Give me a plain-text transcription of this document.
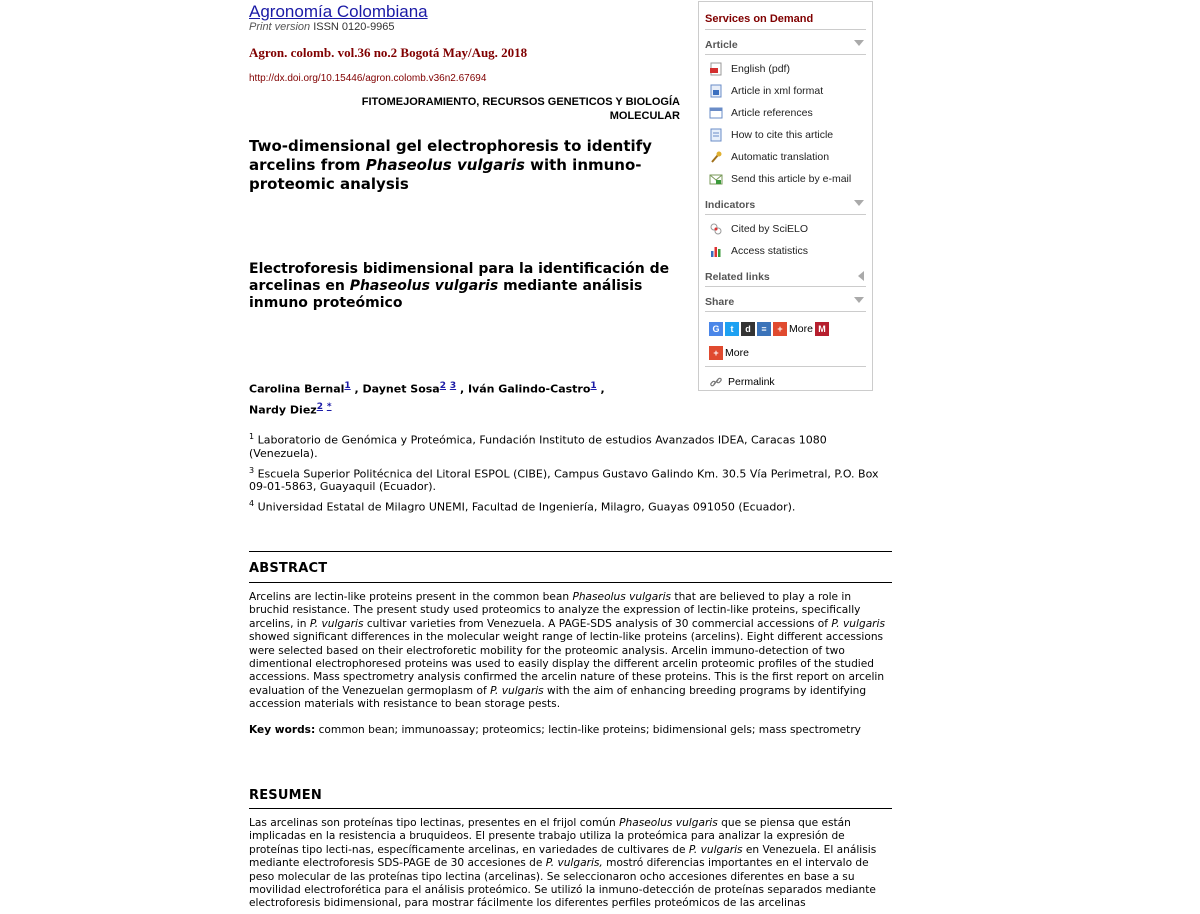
Agronomía Colombiana
Print version ISSN 0120-9965
Agron. colomb. vol.36 no.2 Bogotá May/Aug. 2018
http://dx.doi.org/10.15446/agron.colomb.v36n2.67694
FITOMEJORAMIENTO, RECURSOS GENETICOS Y BIOLOGÍA
MOLECULAR
Two-dimensional gel electrophoresis to identify arcelins from Phaseolus vulgaris with inmuno-proteomic analysis
Electroforesis bidimensional para la identificación de arcelinas en Phaseolus vulgaris mediante análisis inmuno proteómico
Carolina Bernal$^1$ , Daynet Sosa$^2$ $^3$ , Iván Galindo-Castro$^1$ ,
Nardy Diez$^2$ *
$^1$ Laboratorio de Genómica y Proteómica, Fundación Instituto de estudios Avanzados IDEA, Caracas 1080 (Venezuela).
$^3$ Escuela Superior Politécnica del Litoral ESPOL (CIBE), Campus Gustavo Galindo Km. 30.5 Vía Perimetral, P.O. Box 09-01-5863, Guayaquil (Ecuador).
$^4$ Universidad Estatal de Milagro UNEMI, Facultad de Ingeniería, Milagro, Guayas 091050 (Ecuador).
ABSTRACT
Arcelins are lectin-like proteins present in the common bean Phaseolus vulgaris that are believed to play a role in bruchid resistance. The present study used proteomics to analyze the expression of lectin-like proteins, specifically arcelins, in P. vulgaris cultivar varieties from Venezuela. A PAGE-SDS analysis of 30 commercial accessions of P. vulgaris showed significant differences in the molecular weight range of lectin-like proteins (arcelins). Eight different accessions were selected based on their electroforetic mobility for the proteomic analysis. Arcelin immuno-detection of two dimentional electrophoresed proteins was used to easily display the different arcelin proteomic profiles of the studied accessions. Mass spectrometry analysis confirmed the arcelin nature of these proteins. This is the first report on arcelin evaluation of the Venezuelan germoplasm of P. vulgaris with the aim of enhancing breeding programs by identifying accession materials with resistance to bean storage pests.
Key words: common bean; immunoassay; proteomics; lectin-like proteins; bidimensional gels; mass spectrometry
RESUMEN
Las arcelinas son proteínas tipo lectinas, presentes en el frijol común Phaseolus vulgaris que se piensa que están implicadas en la resistencia a bruquideos. El presente trabajo utiliza la proteómica para analizar la expresión de proteínas tipo lecti-nas, específicamente arcelinas, en variedades de cultivares de P. vulgaris en Venezuela. El análisis mediante electroforesis SDS-PAGE de 30 accesiones de P. vulgaris, mostró diferencias importantes en el intervalo de peso molecular de las proteínas tipo lectina (arcelinas). Se seleccionaron ocho accesiones diferentes en base a su movilidad electroforética para el análisis proteómico. Se utilizó la inmuno-detección de proteínas separados mediante electroforesis bidimensional, para mostrar fácilmente los diferentes perfiles proteómicos de las arcelinas
Services on Demand
Article
English (pdf)
Article in xml format
Article references
How to cite this article
Automatic translation
Send this article by e-mail
Indicators
Cited by SciELO
Access statistics
Related links
Share
G	t	d	≡	+ More M
+ More
Permalink
